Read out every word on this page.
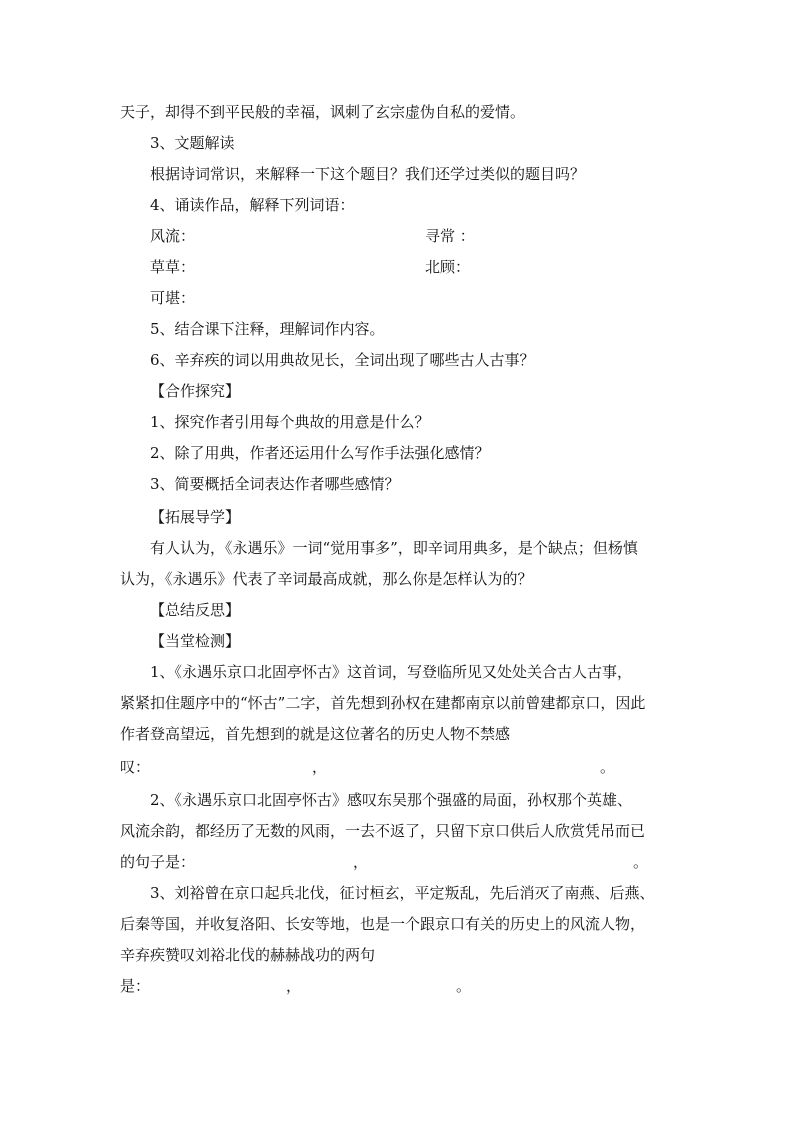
天子，却得不到平民般的幸福，讽刺了玄宗虚伪自私的爱情。
3、文题解读
根据诗词常识，来解释一下这个题目？我们还学过类似的题目吗？
4、诵读作品，解释下列词语：
风流：	寻常 ：
草草：	北顾：
可堪：
5、结合课下注释，理解词作内容。
6、辛弃疾的词以用典故见长，全词出现了哪些古人古事？
【合作探究】
1、探究作者引用每个典故的用意是什么？
2、除了用典，作者还运用什么写作手法强化感情？
3、简要概括全词表达作者哪些感情？
【拓展导学】
有人认为，《永遇乐》一词“觉用事多”，即辛词用典多，是个缺点；但杨慎
认为，《永遇乐》代表了辛词最高成就，那么你是怎样认为的？
【总结反思】
【当堂检测】
1、《永遇乐京口北固亭怀古》这首词，写登临所见又处处关合古人古事，
紧紧扣住题序中的“怀古”二字，首先想到孙权在建都南京以前曾建都京口，因此
作者登高望远，首先想到的就是这位著名的历史人物不禁感
叹：	，	。
2、《永遇乐京口北固亭怀古》感叹东吴那个强盛的局面，孙权那个英雄、
风流余韵，都经历了无数的风雨，一去不返了，只留下京口供后人欣赏凭吊而已
的句子是：	，	。
3、刘裕曾在京口起兵北伐，征讨桓玄，平定叛乱，先后消灭了南燕、后燕、
后秦等国，并收复洛阳、长安等地，也是一个跟京口有关的历史上的风流人物，
辛弃疾赞叹刘裕北伐的赫赫战功的两句
是：	，	。
